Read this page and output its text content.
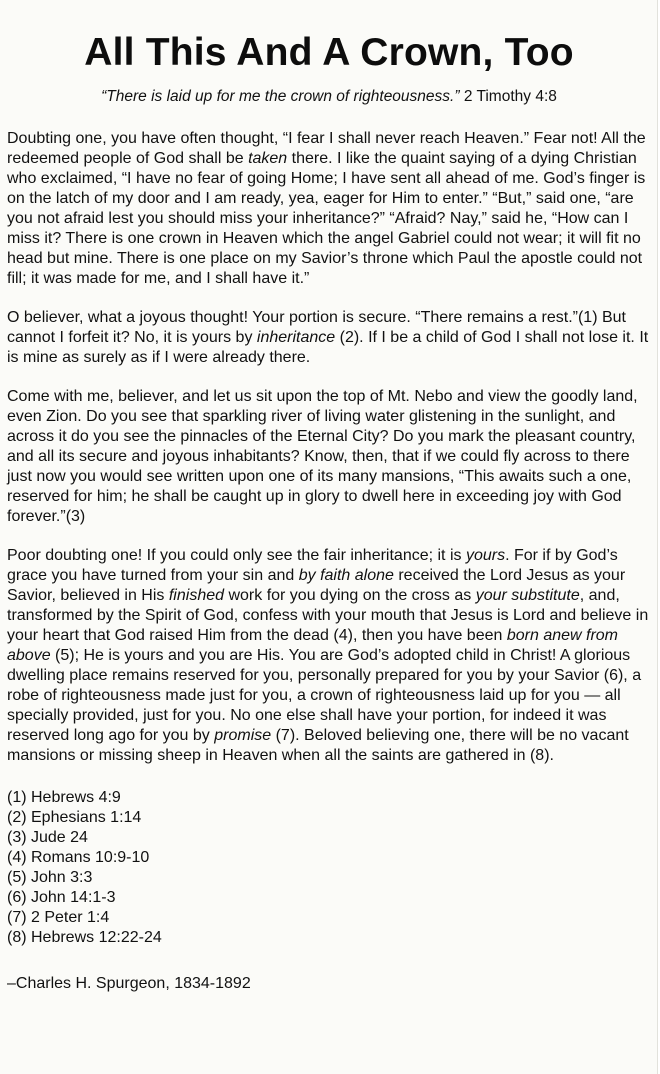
All This And A Crown, Too
“There is laid up for me the crown of righteousness.” 2 Timothy 4:8

Doubting one, you have often thought, “I fear I shall never reach Heaven.” Fear not! All the redeemed people of God shall be taken there. I like the quaint saying of a dying Christian who exclaimed, “I have no fear of going Home; I have sent all ahead of me. God’s finger is on the latch of my door and I am ready, yea, eager for Him to enter.” “But,” said one, “are you not afraid lest you should miss your inheritance?” “Afraid? Nay,” said he, “How can I miss it? There is one crown in Heaven which the angel Gabriel could not wear; it will fit no head but mine. There is one place on my Savior’s throne which Paul the apostle could not fill; it was made for me, and I shall have it.”

O believer, what a joyous thought! Your portion is secure. “There remains a rest.”(1) But cannot I forfeit it? No, it is yours by inheritance (2). If I be a child of God I shall not lose it. It is mine as surely as if I were already there.

Come with me, believer, and let us sit upon the top of Mt. Nebo and view the goodly land, even Zion. Do you see that sparkling river of living water glistening in the sunlight, and across it do you see the pinnacles of the Eternal City? Do you mark the pleasant country, and all its secure and joyous inhabitants? Know, then, that if we could fly across to there just now you would see written upon one of its many mansions, “This awaits such a one, reserved for him; he shall be caught up in glory to dwell here in exceeding joy with God forever.”(3)

Poor doubting one! If you could only see the fair inheritance; it is yours. For if by God’s grace you have turned from your sin and by faith alone received the Lord Jesus as your Savior, believed in His finished work for you dying on the cross as your substitute, and, transformed by the Spirit of God, confess with your mouth that Jesus is Lord and believe in your heart that God raised Him from the dead (4), then you have been born anew from above (5); He is yours and you are His. You are God’s adopted child in Christ! A glorious dwelling place remains reserved for you, personally prepared for you by your Savior (6), a robe of righteousness made just for you, a crown of righteousness laid up for you — all specially provided, just for you. No one else shall have your portion, for indeed it was reserved long ago for you by promise (7). Beloved believing one, there will be no vacant mansions or missing sheep in Heaven when all the saints are gathered in (8).

(1) Hebrews 4:9
(2) Ephesians 1:14
(3) Jude 24
(4) Romans 10:9-10
(5) John 3:3
(6) John 14:1-3
(7) 2 Peter 1:4
(8) Hebrews 12:22-24
–Charles H. Spurgeon, 1834-1892
